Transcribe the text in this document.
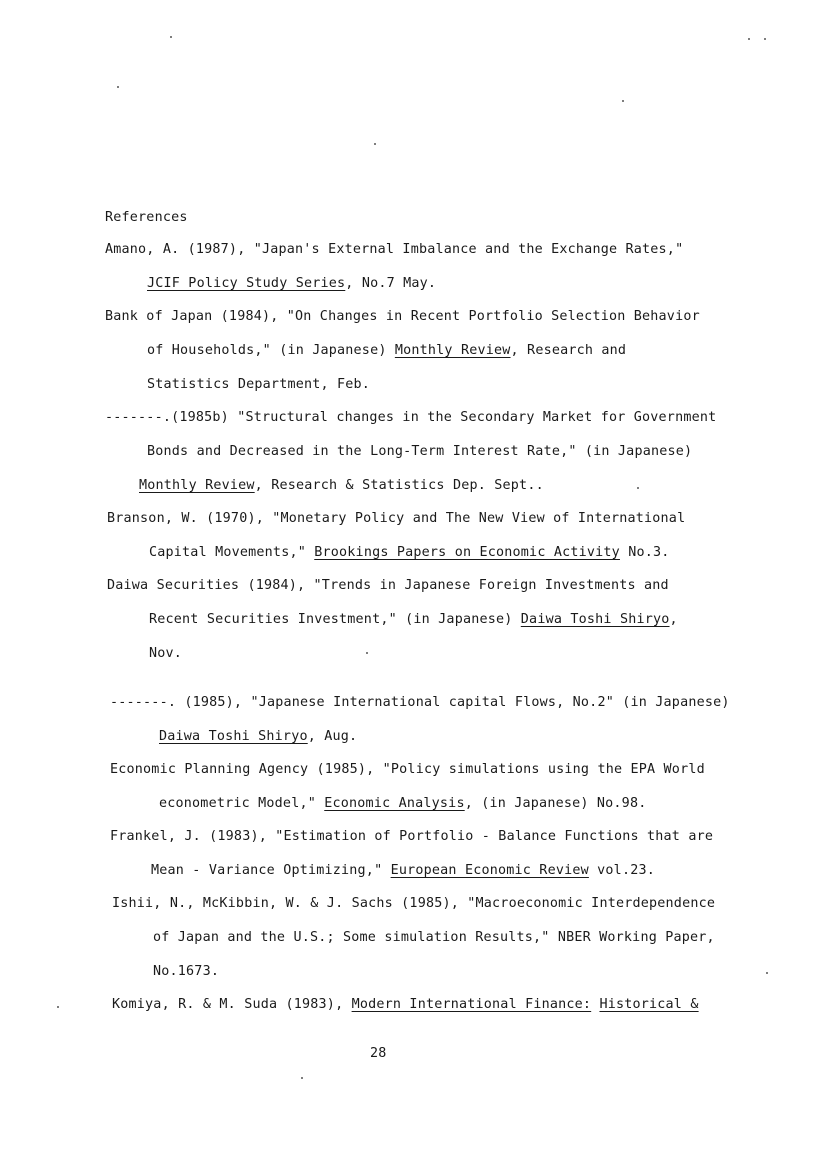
References
Amano, A. (1987), "Japan's External Imbalance and the Exchange Rates,"
JCIF Policy Study Series, No.7 May.
Bank of Japan (1984), "On Changes in Recent Portfolio Selection Behavior
of Households," (in Japanese) Monthly Review, Research and
Statistics Department, Feb.
-------.(1985b) "Structural changes in the Secondary Market for Government
Bonds and Decreased in the Long-Term Interest Rate," (in Japanese)
Monthly Review, Research & Statistics Dep. Sept..
Branson, W. (1970), "Monetary Policy and The New View of International
Capital Movements," Brookings Papers on Economic Activity No.3.
Daiwa Securities (1984), "Trends in Japanese Foreign Investments and
Recent Securities Investment," (in Japanese) Daiwa Toshi Shiryo,
Nov.
-------. (1985), "Japanese International capital Flows, No.2" (in Japanese)
Daiwa Toshi Shiryo, Aug.
Economic Planning Agency (1985), "Policy simulations using the EPA World
econometric Model," Economic Analysis, (in Japanese) No.98.
Frankel, J. (1983), "Estimation of Portfolio - Balance Functions that are
Mean - Variance Optimizing," European Economic Review vol.23.
Ishii, N., McKibbin, W. & J. Sachs (1985), "Macroeconomic Interdependence
of Japan and the U.S.; Some simulation Results," NBER Working Paper,
No.1673.
Komiya, R. & M. Suda (1983), Modern International Finance: Historical &
28
